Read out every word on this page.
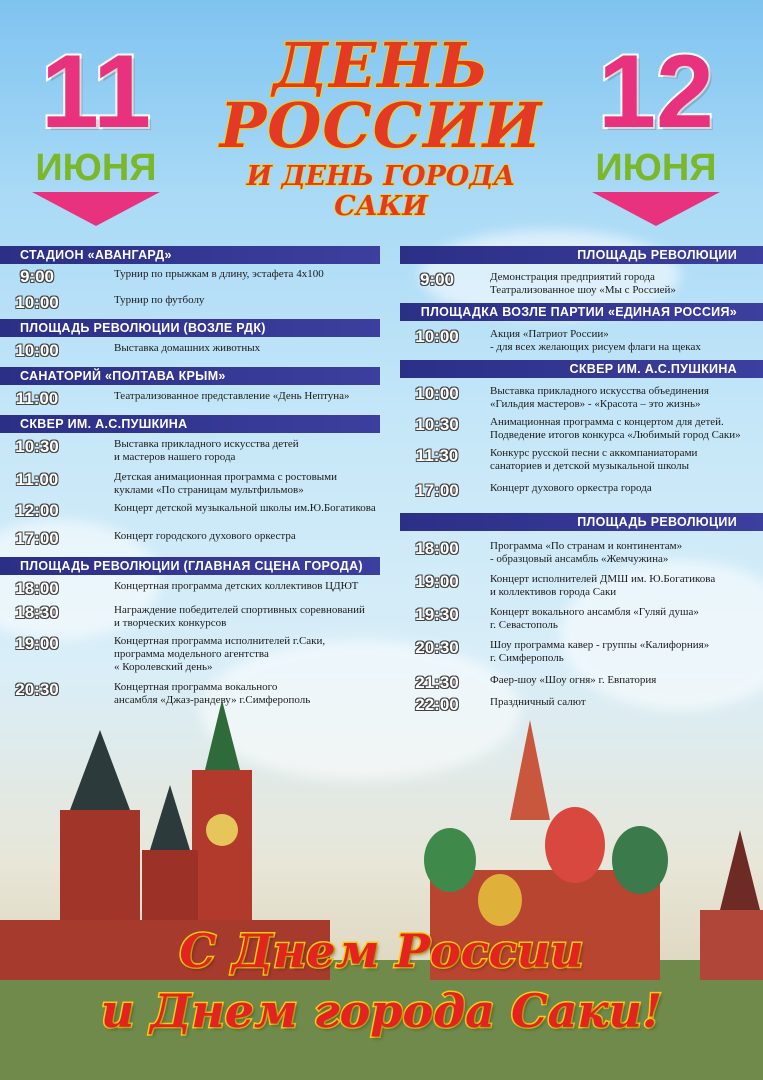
11
ИЮНЯ
12
ИЮНЯ
ДЕНЬ
РОССИИ
И ДЕНЬ ГОРОДА САКИ
СТАДИОН «АВАНГАРД»
9:00	Турнир по прыжкам в длину, эстафета 4х100
10:00	Турнир по футболу
ПЛОЩАДЬ РЕВОЛЮЦИИ (ВОЗЛЕ РДК)
10:00	Выставка домашних животных
САНАТОРИЙ «ПОЛТАВА КРЫМ»
11:00	Театрализованное представление «День Нептуна»
СКВЕР ИМ. А.С.ПУШКИНА
10:30	Выставка прикладного искусства детей
и мастеров нашего города
11:00	Детская анимационная программа с ростовыми
куклами «По страницам мультфильмов»
12:00	Концерт детской музыкальной школы им.Ю.Богатикова
17:00	Концерт городского духового оркестра
ПЛОЩАДЬ РЕВОЛЮЦИИ (ГЛАВНАЯ СЦЕНА ГОРОДА)
18:00	Концертная программа детских коллективов ЦДЮТ
18:30	Награждение победителей спортивных соревнований
и творческих конкурсов
19:00	Концертная программа исполнителей г.Саки,
программа модельного агентства
« Королевский день»
20:30	Концертная программа вокального
ансамбля «Джаз-рандеву» г.Симферополь
ПЛОЩАДЬ РЕВОЛЮЦИИ
9:00	Демонстрация предприятий города
Театрализованное шоу «Мы с Россией»
ПЛОЩАДКА ВОЗЛЕ ПАРТИИ «ЕДИНАЯ РОССИЯ»
10:00	Акция «Патриот России»
- для всех желающих рисуем флаги на щеках
СКВЕР ИМ. А.С.ПУШКИНА
10:00	Выставка прикладного искусства объединения
«Гильдия мастеров» - «Красота – это жизнь»
10:30	Анимационная программа с концертом для детей.
Подведение итогов конкурса «Любимый город Саки»
11:30	Конкурс русской песни с аккомпаниаторами
санаториев и детской музыкальной школы
17:00	Концерт духового оркестра города
ПЛОЩАДЬ РЕВОЛЮЦИИ
18:00	Программа «По странам и континентам»
- образцовый ансамбль «Жемчужина»
19:00	Концерт исполнителей ДМШ им. Ю.Богатикова
и коллективов города Саки
19:30	Концерт вокального ансамбля «Гуляй душа»
г. Севастополь
20:30	Шоу программа кавер - группы «Калифорния»
г. Симферополь
21:30	Фаер-шоу «Шоу огня» г. Евпатория
22:00	Праздничный салют
С Днем России
и Днем города Саки!
